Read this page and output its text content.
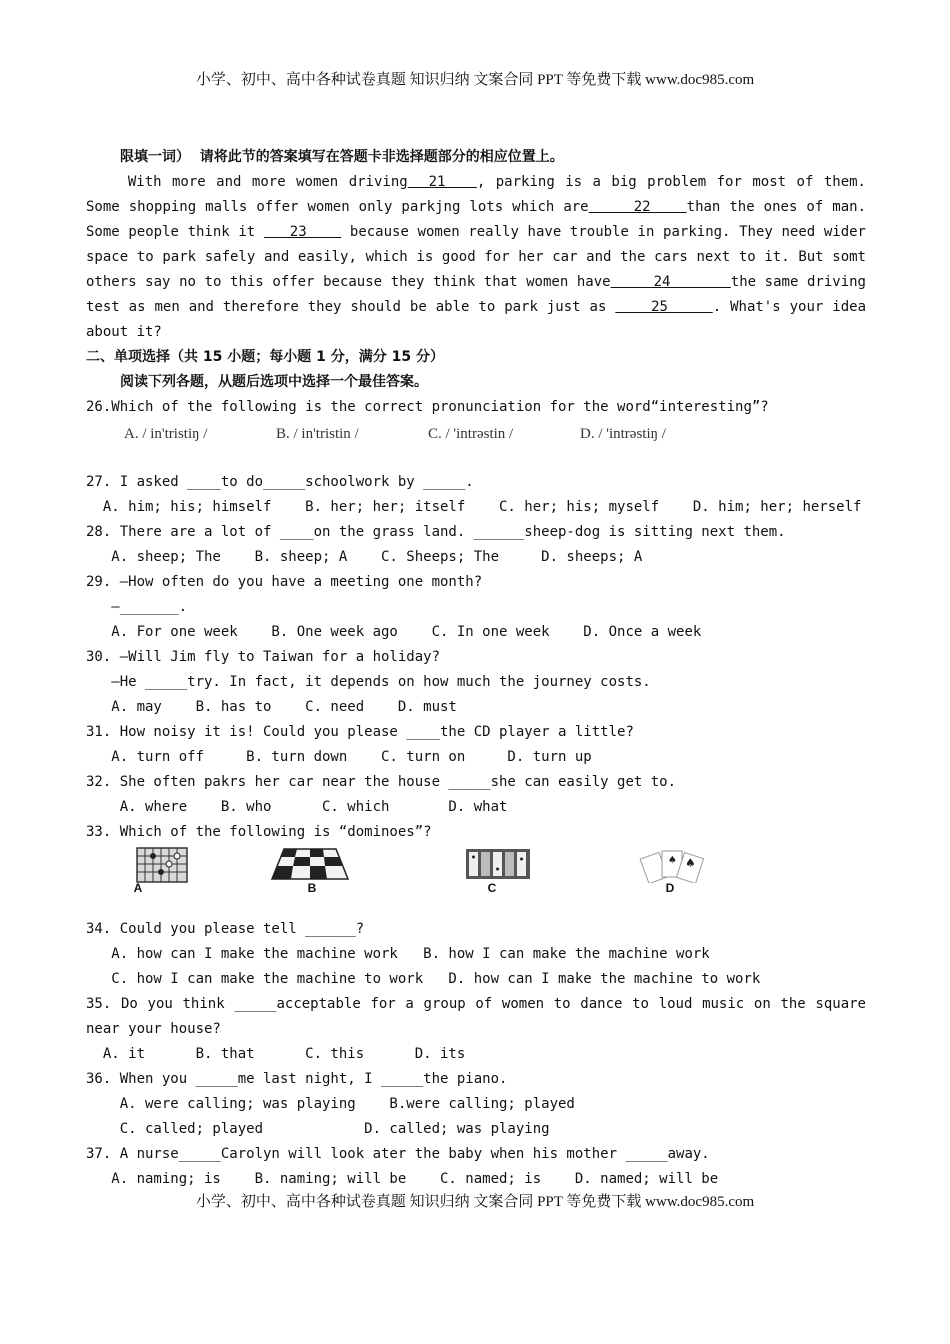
小学、初中、高中各种试卷真题 知识归纳 文案合同 PPT 等免费下载 www.doc985.com
限填一词）  请将此节的答案填写在答题卡非选择题部分的相应位置上。
With more and more women driving  21   , parking is a big problem for most of them.
Some shopping malls offer women only parkjng lots which are     22    than the ones of man.
Some people think it    23     because women really have trouble in parking. They need wider
space to park safely and easily, which is good for her car and the cars next to it. But somt
others say no to this offer because they think that women have     24       the same driving
test as men and therefore they should be able to park just as     25     . What's your idea
about it?
二、单项选择（共 15 小题；每小题 1 分，满分 15 分）
阅读下列各题，从题后选项中选择一个最佳答案。
26.Which of the following is the correct pronunciation for the word“interesting”?
A. / in'tristiŋ /	B. / in'tristin /	C. / 'intrəstin /	D. / 'intrəstiŋ /
27. I asked ____to do_____schoolwork by _____.
A. him; his; himself    B. her; her; itself    C. her; his; myself    D. him; her; herself
28. There are a lot of ____on the grass land. ______sheep-dog is sitting next them.
A. sheep; The    B. sheep; A    C. Sheeps; The     D. sheeps; A
29. —How often do you have a meeting one month?
—_______.
A. For one week    B. One week ago    C. In one week    D. Once a week
30. —Will Jim fly to Taiwan for a holiday?
—He _____try. In fact, it depends on how much the journey costs.
A. may    B. has to    C. need    D. must
31. How noisy it is! Could you please ____the CD player a little?
A. turn off     B. turn down    C. turn on     D. turn up
32. She often pakrs her car near the house _____she can easily get to.
A. where    B. who      C. which       D. what
33. Which of the following is “dominoes”?
A	B	C
♠ ♠
D
34. Could you please tell ______?
A. how can I make the machine work   B. how I can make the machine work
C. how I can make the machine to work   D. how can I make the machine to work
35. Do you think _____acceptable for a group of women to dance to loud music on the square
near your house?
A. it      B. that      C. this      D. its
36. When you _____me last night, I _____the piano.
A. were calling; was playing    B.were calling; played
C. called; played            D. called; was playing
37. A nurse_____Carolyn will look ater the baby when his mother _____away.
A. naming; is    B. naming; will be    C. named; is    D. named; will be
小学、初中、高中各种试卷真题 知识归纳 文案合同 PPT 等免费下载 www.doc985.com
